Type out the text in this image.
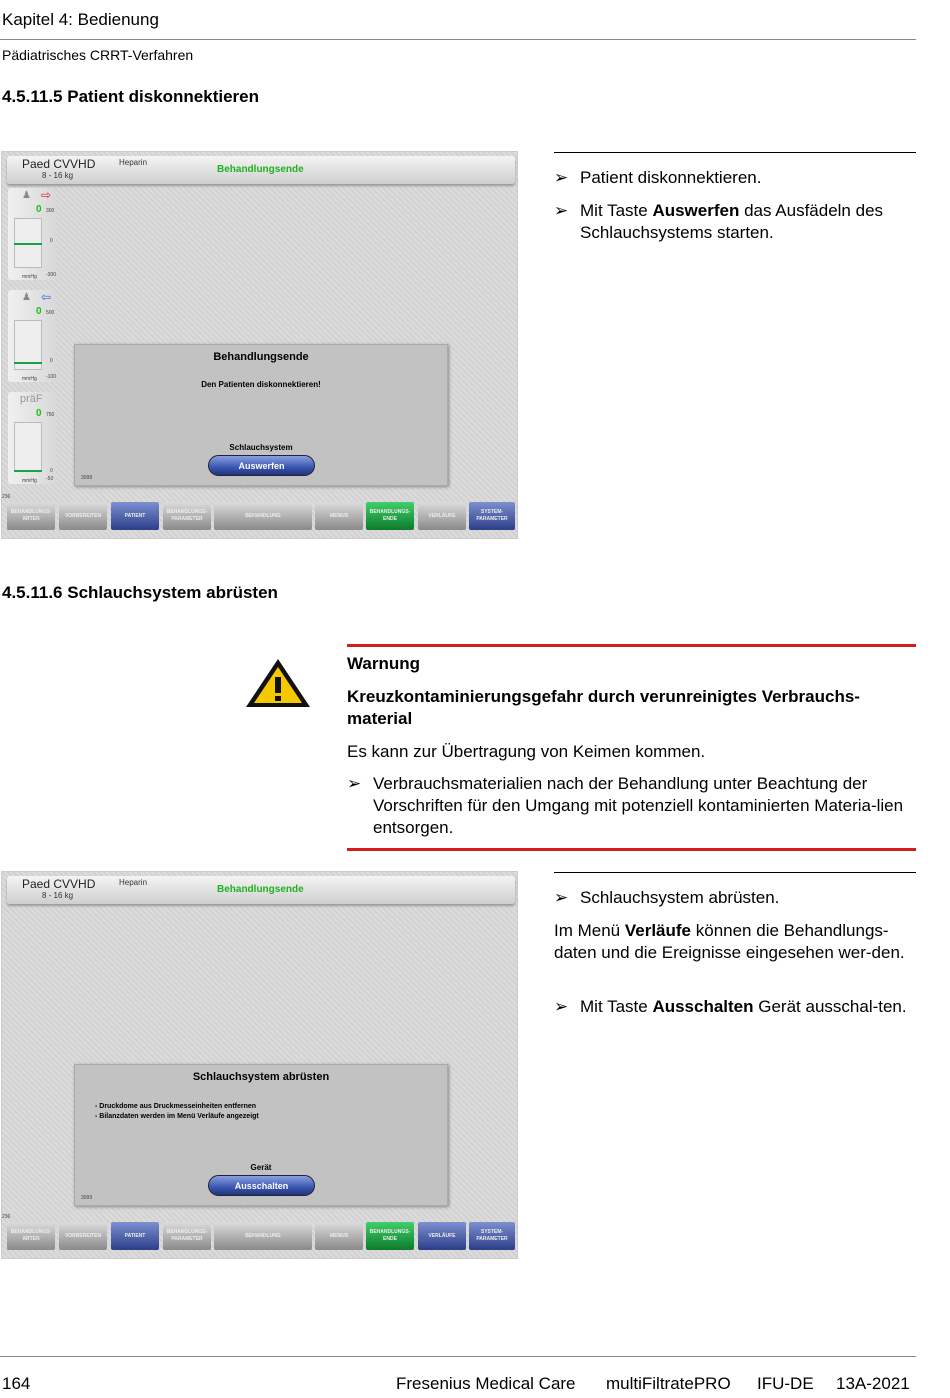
Kapitel 4: Bedienung
Pädiatrisches CRRT-Verfahren
4.5.11.5 Patient diskonnektieren
Paed CVVHD
8 - 16 kg
Heparin
Behandlungsende
♟ ⇨
0 300
0
-300
mmHg
♟ ⇦
0 500
0
-100
mmHg
präF
0 750
0
-50
mmHg
Behandlungsende
Den Patienten diskonnektieren!
Schlauchsystem
Auswerfen
3098
236
BEHANDLUNGS-ARTEN
VORBEREITEN	PATIENT
BEHANDLUNGS-PARAMETER
BEHANDLUNG	MENUS
BEHANDLUNGS-ENDE
VERLÄUFE
SYSTEM-PARAMETER
➢ Patient diskonnektieren.
➢ Mit Taste Auswerfen das Ausfädeln des Schlauchsystems starten.
4.5.11.6 Schlauchsystem abrüsten
Warnung
Kreuzkontaminierungsgefahr durch verunreinigtes Verbrauchs-material
Es kann zur Übertragung von Keimen kommen.
➢ Verbrauchsmaterialien nach der Behandlung unter Beachtung der Vorschriften für den Umgang mit potenziell kontaminierten Materia-lien entsorgen.
Paed CVVHD
8 - 16 kg
Heparin
Behandlungsende
Schlauchsystem abrüsten
- Druckdome aus Druckmesseinheiten entfernen
- Bilanzdaten werden im Menü Verläufe angezeigt
Gerät
Ausschalten
3099
236
BEHANDLUNGS-ARTEN
VORBEREITEN	PATIENT
BEHANDLUNGS-PARAMETER
BEHANDLUNG	MENUS
BEHANDLUNGS-ENDE
VERLÄUFE
SYSTEM-PARAMETER
➢ Schlauchsystem abrüsten.
Im Menü Verläufe können die Behandlungs-daten und die Ereignisse eingesehen wer-den.
➢ Mit Taste Ausschalten Gerät ausschal-ten.
164	Fresenius Medical Care multiFiltratePRO IFU-DE 13A-2021
